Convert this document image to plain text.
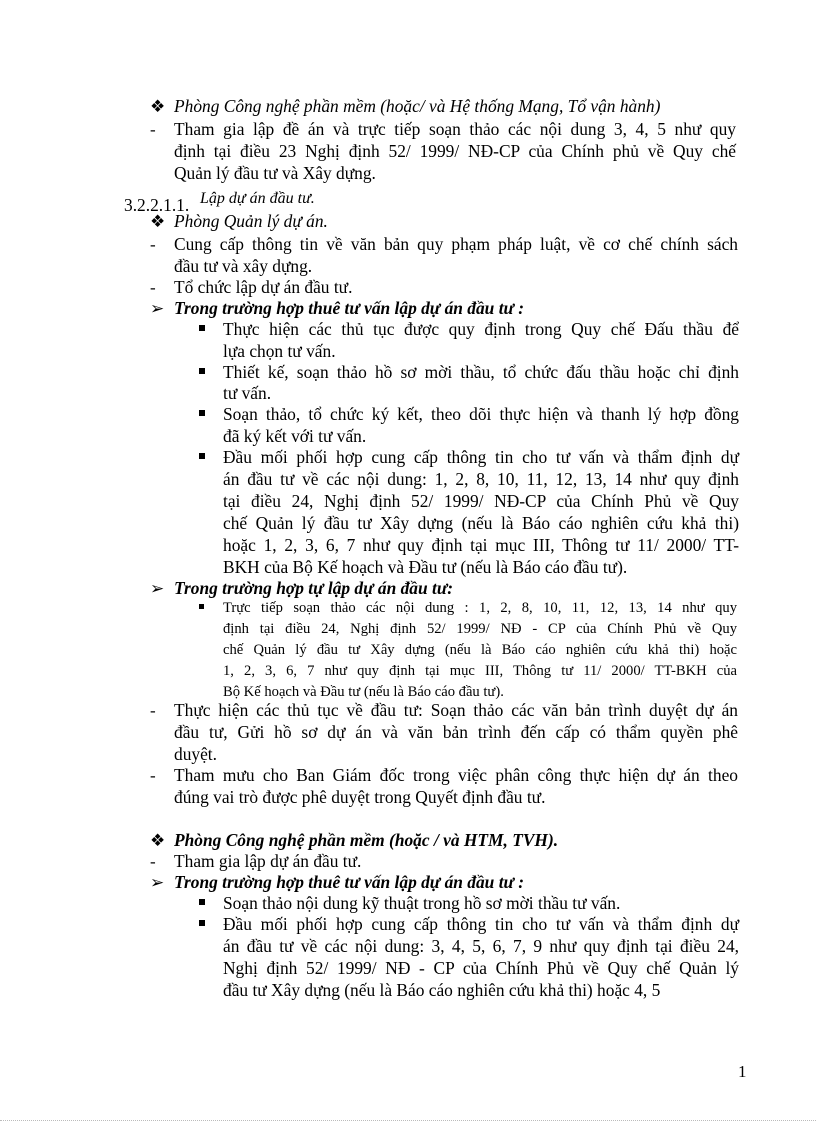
❖ Phòng Công nghệ phần mềm (hoặc/ và Hệ thống Mạng, Tổ vận hành)
- Tham gia lập đề án và trực tiếp soạn thảo các nội dung 3, 4, 5 như quy
định tại điều 23 Nghị định 52/ 1999/ NĐ-CP của Chính phủ về Quy chế
Quản lý đầu tư và Xây dựng.
3.2.2.1.1. Lập dự án đầu tư.
❖ Phòng Quản lý dự án.
- Cung cấp thông tin về văn bản quy phạm pháp luật, về cơ chế chính sách
đầu tư và xây dựng.
- Tổ chức lập dự án đầu tư.
➢ Trong trường hợp thuê tư vấn lập dự án đầu tư :
Thực hiện các thủ tục được quy định trong Quy chế Đấu thầu để
lựa chọn tư vấn.
Thiết kế, soạn thảo hồ sơ mời thầu, tổ chức đấu thầu hoặc chỉ định
tư vấn.
Soạn thảo, tổ chức ký kết, theo dõi thực hiện và thanh lý hợp đồng
đã ký kết với tư vấn.
Đầu mối phối hợp cung cấp thông tin cho tư vấn và thẩm định dự
án đầu tư về các nội dung: 1, 2, 8, 10, 11, 12, 13, 14 như quy định
tại điều 24, Nghị định 52/ 1999/ NĐ-CP của Chính Phủ về Quy
chế Quản lý đầu tư Xây dựng (nếu là Báo cáo nghiên cứu khả thi)
hoặc 1, 2, 3, 6, 7 như quy định tại mục III, Thông tư 11/ 2000/ TT-
BKH của Bộ Kế hoạch và Đầu tư (nếu là Báo cáo đầu tư).
➢ Trong trường hợp tự lập dự án đầu tư:
Trực tiếp soạn thảo các nội dung : 1, 2, 8, 10, 11, 12, 13, 14 như quy
định tại điều 24, Nghị định 52/ 1999/ NĐ - CP của Chính Phủ về Quy
chế Quản lý đầu tư Xây dựng (nếu là Báo cáo nghiên cứu khả thi) hoặc
1, 2, 3, 6, 7 như quy định tại mục III, Thông tư 11/ 2000/ TT-BKH của
Bộ Kế hoạch và Đầu tư (nếu là Báo cáo đầu tư).
- Thực hiện các thủ tục về đầu tư: Soạn thảo các văn bản trình duyệt dự án
đầu tư, Gửi hồ sơ dự án và văn bản trình đến cấp có thẩm quyền phê
duyệt.
- Tham mưu cho Ban Giám đốc trong việc phân công thực hiện dự án theo
đúng vai trò được phê duyệt trong Quyết định đầu tư.
❖ Phòng Công nghệ phần mềm (hoặc / và HTM, TVH).
- Tham gia lập dự án đầu tư.
➢ Trong trường hợp thuê tư vấn lập dự án đầu tư :
Soạn thảo nội dung kỹ thuật trong hồ sơ mời thầu tư vấn.
Đầu mối phối hợp cung cấp thông tin cho tư vấn và thẩm định dự
án đầu tư về các nội dung: 3, 4, 5, 6, 7, 9 như quy định tại điều 24,
Nghị định 52/ 1999/ NĐ - CP của Chính Phủ về Quy chế Quản lý
đầu tư Xây dựng (nếu là Báo cáo nghiên cứu khả thi) hoặc 4, 5
1
